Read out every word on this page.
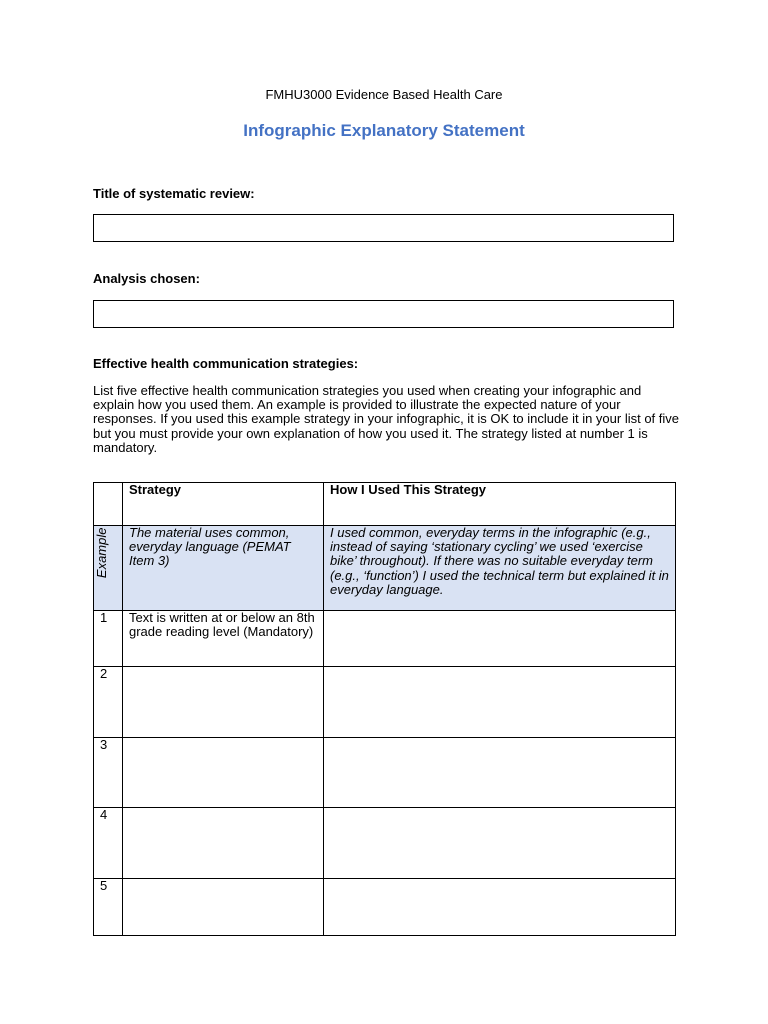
FMHU3000 Evidence Based Health Care
Infographic Explanatory Statement
Title of systematic review:
Analysis chosen:
Effective health communication strategies:
List five effective health communication strategies you used when creating your infographic and explain how you used them. An example is provided to illustrate the expected nature of your responses. If you used this example strategy in your infographic, it is OK to include it in your list of five but you must provide your own explanation of how you used it. The strategy listed at number 1 is mandatory.
	Strategy	How I Used This Strategy

Example	The material uses common, everyday language (PEMAT Item 3)	I used common, everyday terms in the infographic (e.g., instead of saying ‘stationary cycling’ we used ‘exercise bike’ throughout). If there was no suitable everyday term (e.g., ‘function’) I used the technical term but explained it in everyday language.
1	Text is written at or below an 8th grade reading level (Mandatory)	
2		
3		
4		
5		
